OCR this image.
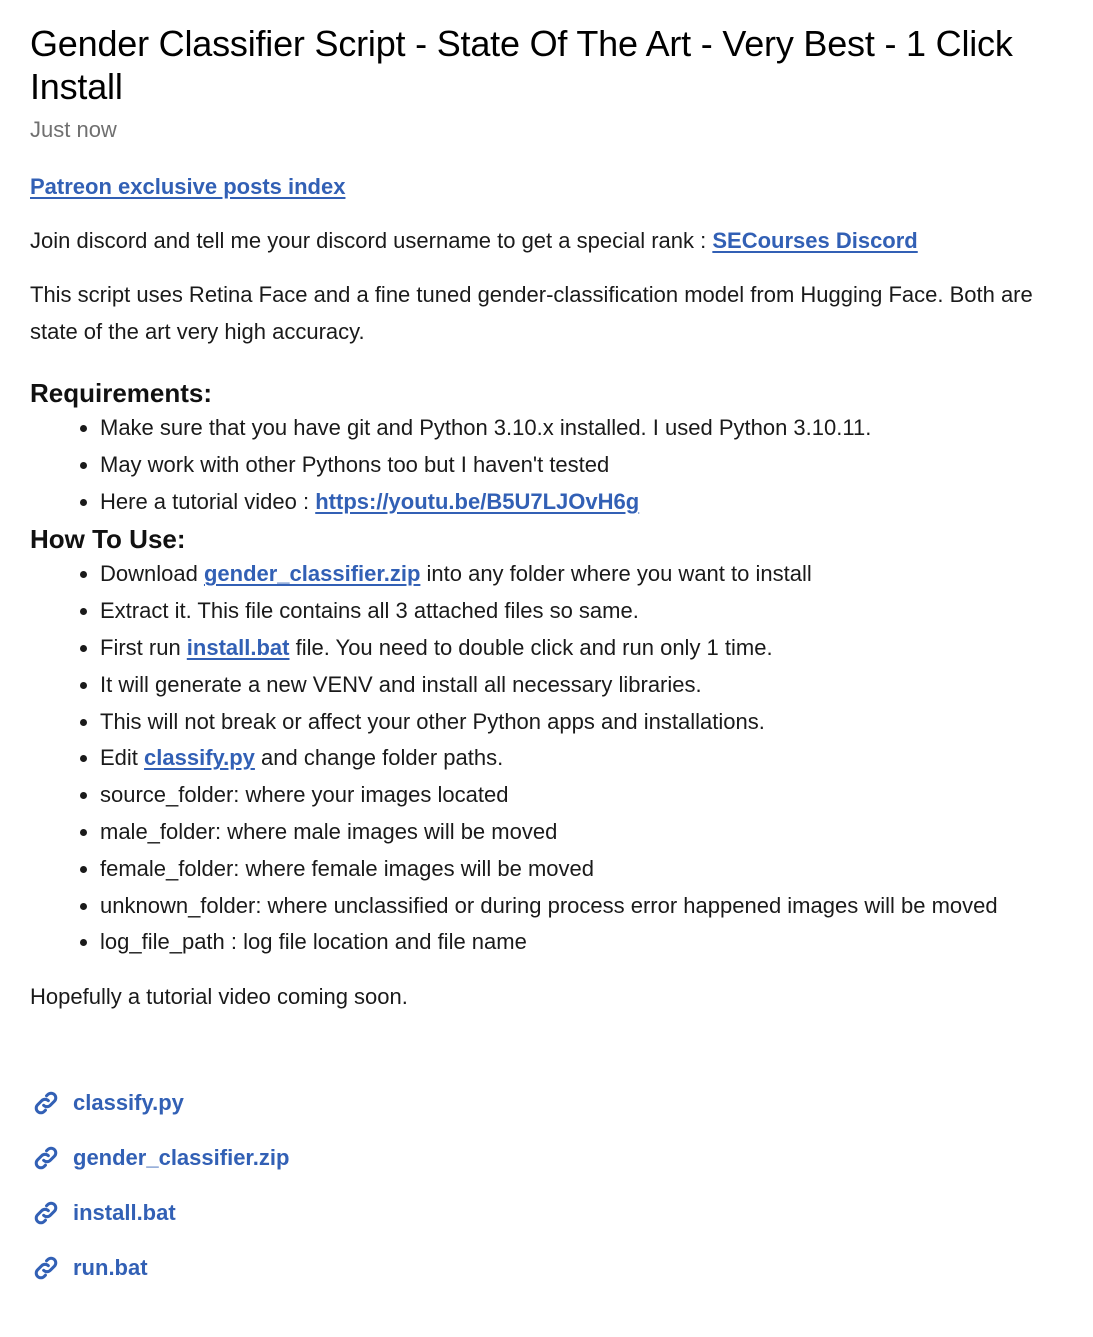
Gender Classifier Script - State Of The Art - Very Best - 1 Click Install
Just now

Patreon exclusive posts index

Join discord and tell me your discord username to get a special rank : SECourses Discord

This script uses Retina Face and a fine tuned gender-classification model from Hugging Face. Both are state of the art very high accuracy.

Requirements:
• Make sure that you have git and Python 3.10.x installed. I used Python 3.10.11.
• May work with other Pythons too but I haven't tested
• Here a tutorial video : https://youtu.be/B5U7LJOvH6g
How To Use:
• Download gender_classifier.zip into any folder where you want to install
• Extract it. This file contains all 3 attached files so same.
• First run install.bat file. You need to double click and run only 1 time.
• It will generate a new VENV and install all necessary libraries.
• This will not break or affect your other Python apps and installations.
• Edit classify.py and change folder paths.
• source_folder: where your images located
• male_folder: where male images will be moved
• female_folder: where female images will be moved
• unknown_folder: where unclassified or during process error happened images will be moved
• log_file_path : log file location and file name

Hopefully a tutorial video coming soon.

classify.py
gender_classifier.zip
install.bat
run.bat
